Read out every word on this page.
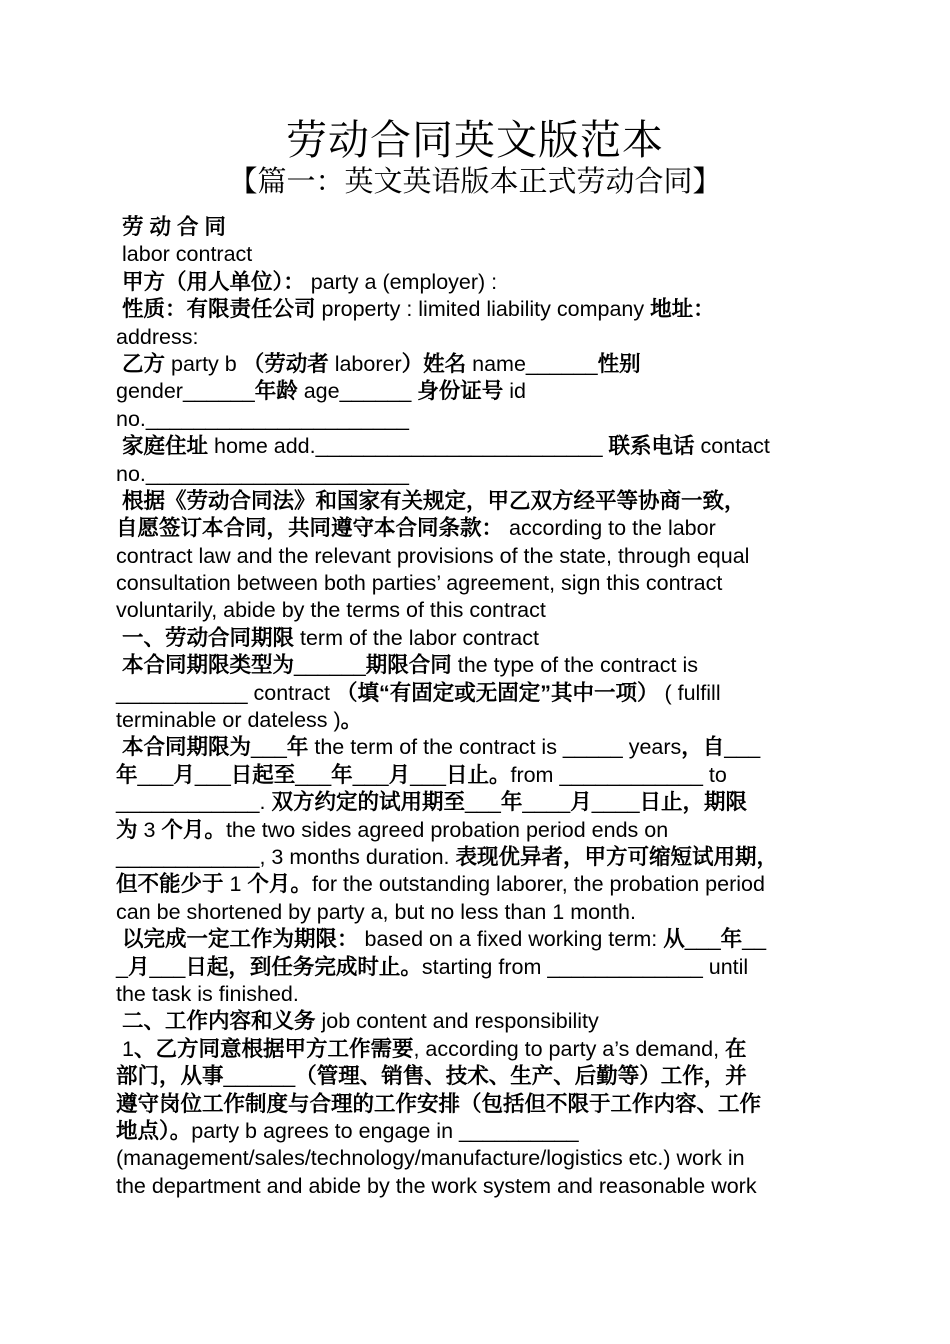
劳动合同英文版范本
【篇一：英文英语版本正式劳动合同】
劳 动 合 同
labor contract
甲方（用人单位）： party a (employer) :
性质：有限责任公司 property : limited liability company 地址：
address:
乙方 party b （劳动者 laborer）姓名 name______性别
gender______年龄 age______ 身份证号 id
no.______________________
家庭住址 home add.________________________ 联系电话 contact
no.______________________
根据《劳动合同法》和国家有关规定，甲乙双方经平等协商一致，
自愿签订本合同，共同遵守本合同条款： according to the labor
contract law and the relevant provisions of the state, through equal
consultation between both parties’ agreement, sign this contract
voluntarily, abide by the terms of this contract
一、劳动合同期限 term of the labor contract
本合同期限类型为______期限合同 the type of the contract is
___________ contract （填“有固定或无固定”其中一项） ( fulfill
terminable or dateless )。
本合同期限为___年 the term of the contract is _____ years，自___
年___月___日起至___年___月___日止。from ____________ to
____________. 双方约定的试用期至___年____月____日止，期限
为 3 个月。the two sides agreed probation period ends on
____________, 3 months duration. 表现优异者，甲方可缩短试用期，
但不能少于 1 个月。for the outstanding laborer, the probation period
can be shortened by party a, but no less than 1 month.
以完成一定工作为期限： based on a fixed working term: 从___年__
_月___日起，到任务完成时止。starting from _____________ until
the task is finished.
二、工作内容和义务 job content and responsibility
1、乙方同意根据甲方工作需要, according to party a’s demand, 在
部门，从事______（管理、销售、技术、生产、后勤等）工作，并
遵守岗位工作制度与合理的工作安排（包括但不限于工作内容、工作
地点）。party b agrees to engage in __________
(management/sales/technology/manufacture/logistics etc.) work in
the department and abide by the work system and reasonable work
